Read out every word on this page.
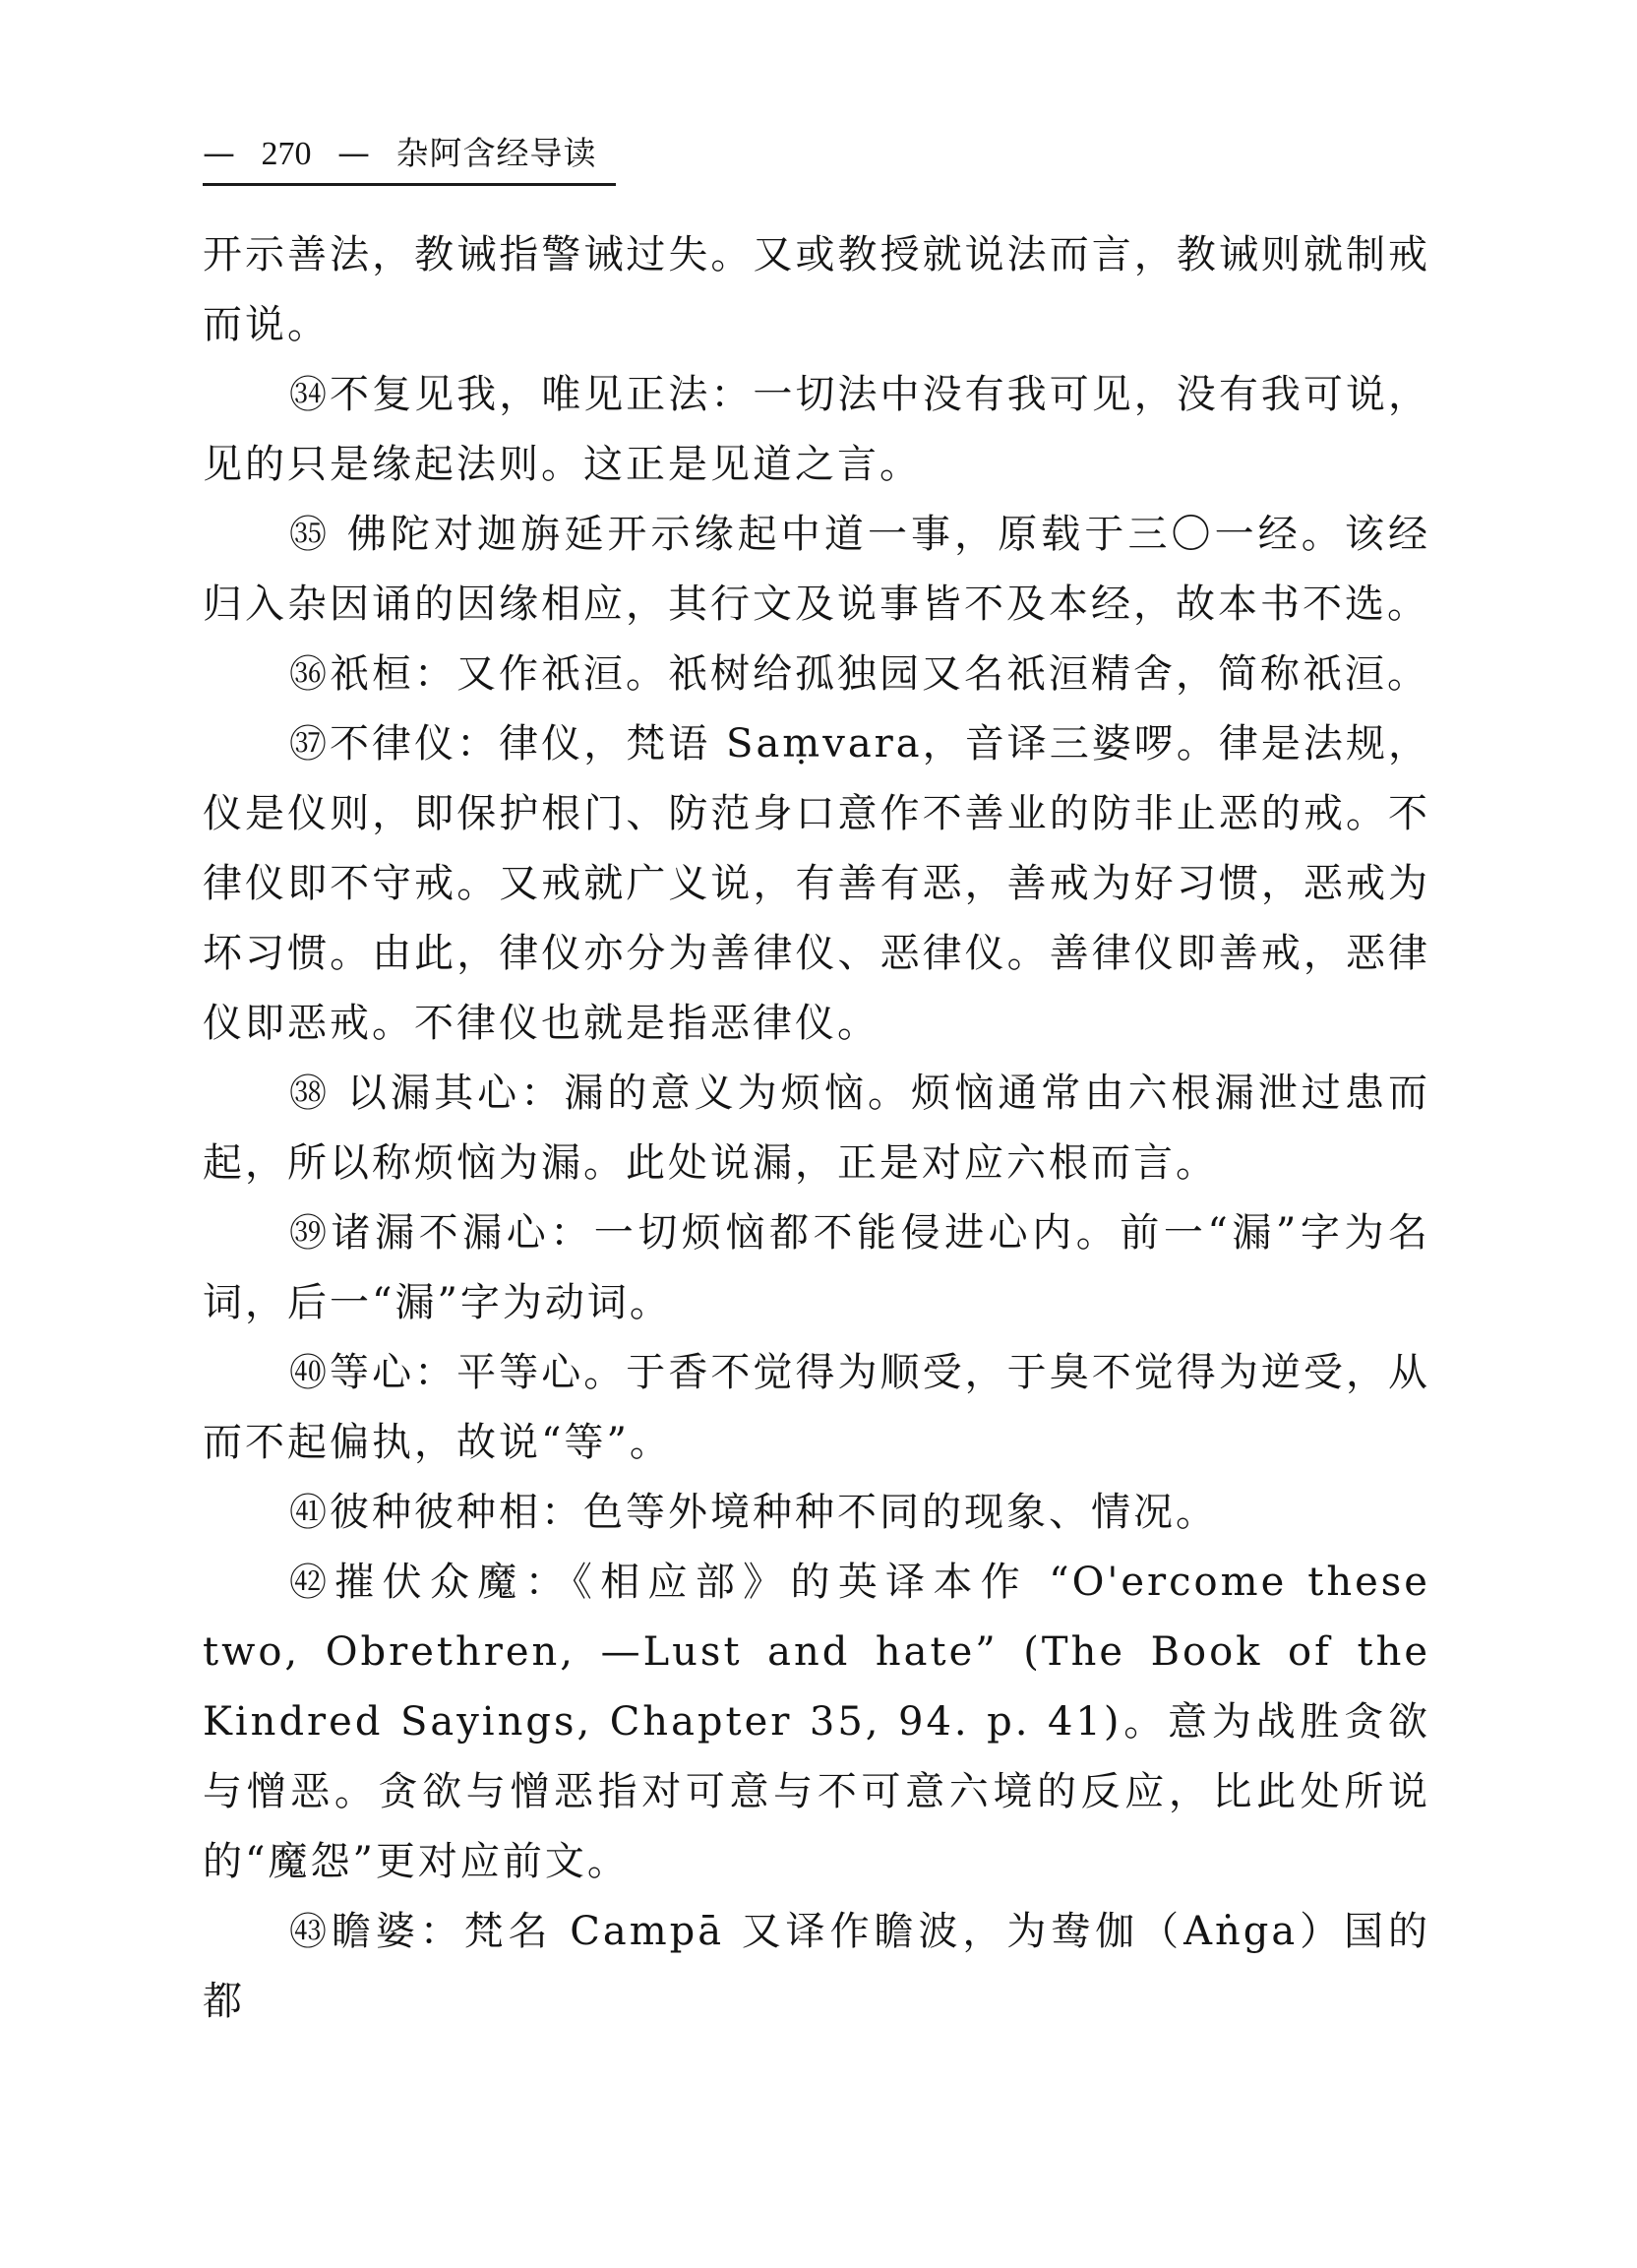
— 270 — 杂阿含经导读

开示善法，教诫指警诫过失。又或教授就说法而言，教诫则就制戒而说。

㉞不复见我，唯见正法：一切法中没有我可见，没有我可说，见的只是缘起法则。这正是见道之言。

㉟ 佛陀对迦旃延开示缘起中道一事，原载于三〇一经。该经归入杂因诵的因缘相应，其行文及说事皆不及本经，故本书不选。

㊱祇桓：又作祇洹。祇树给孤独园又名祇洹精舍，简称祇洹。

㊲不律仪：律仪，梵语 Saṃvara，音译三婆啰。律是法规，仪是仪则，即保护根门、防范身口意作不善业的防非止恶的戒。不律仪即不守戒。又戒就广义说，有善有恶，善戒为好习惯，恶戒为坏习惯。由此，律仪亦分为善律仪、恶律仪。善律仪即善戒，恶律仪即恶戒。不律仪也就是指恶律仪。

㊳ 以漏其心：漏的意义为烦恼。烦恼通常由六根漏泄过患而起，所以称烦恼为漏。此处说漏，正是对应六根而言。

㊴诸漏不漏心：一切烦恼都不能侵进心内。前一“漏”字为名词，后一“漏”字为动词。

㊵等心：平等心。于香不觉得为顺受，于臭不觉得为逆受，从而不起偏执，故说“等”。

㊶彼种彼种相：色等外境种种不同的现象、情况。

㊷摧伏众魔：《相应部》的英译本作 “O'ercome these two, Obrethren, —Lust and hate” (The Book of the Kindred Sayings, Chapter 35, 94. p. 41)。意为战胜贪欲与憎恶。贪欲与憎恶指对可意与不可意六境的反应，比此处所说的“魔怨”更对应前文。

㊸瞻婆：梵名 Campā 又译作瞻波，为鸯伽（Aṅga）国的都
